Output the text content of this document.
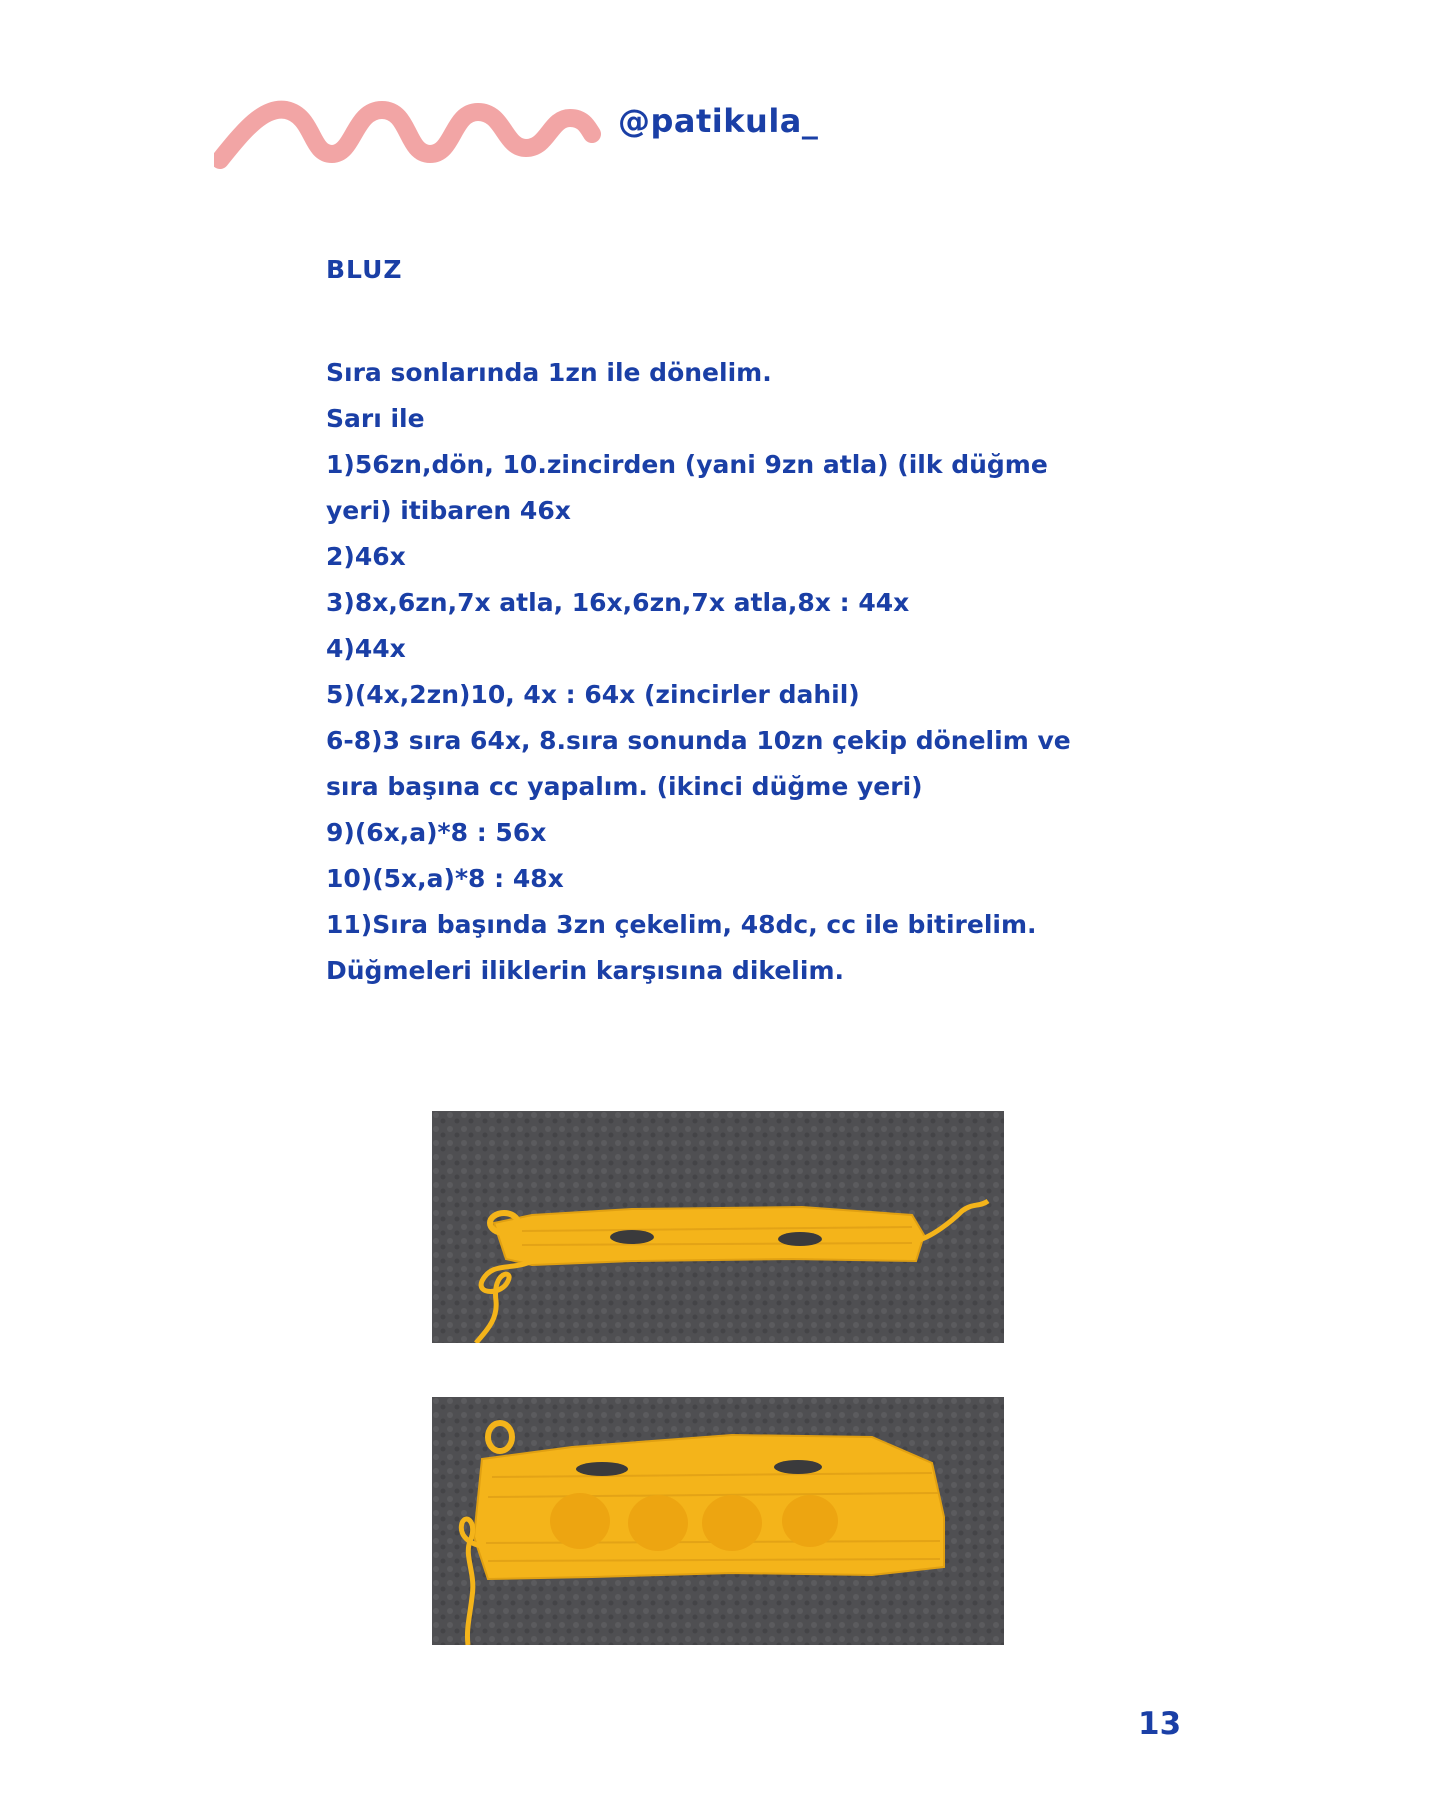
@patikula_
BLUZ
Sıra sonlarında 1zn ile dönelim.
Sarı ile
1)56zn,dön, 10.zincirden (yani 9zn atla) (ilk düğme
yeri) itibaren 46x
2)46x
3)8x,6zn,7x atla, 16x,6zn,7x atla,8x : 44x
4)44x
5)(4x,2zn)10, 4x : 64x (zincirler dahil)
6-8)3 sıra 64x, 8.sıra sonunda 10zn çekip dönelim ve
sıra başına cc yapalım. (ikinci düğme yeri)
9)(6x,a)*8 : 56x
10)(5x,a)*8 : 48x
11)Sıra başında 3zn çekelim, 48dc, cc ile bitirelim.
Düğmeleri iliklerin karşısına dikelim.
13
